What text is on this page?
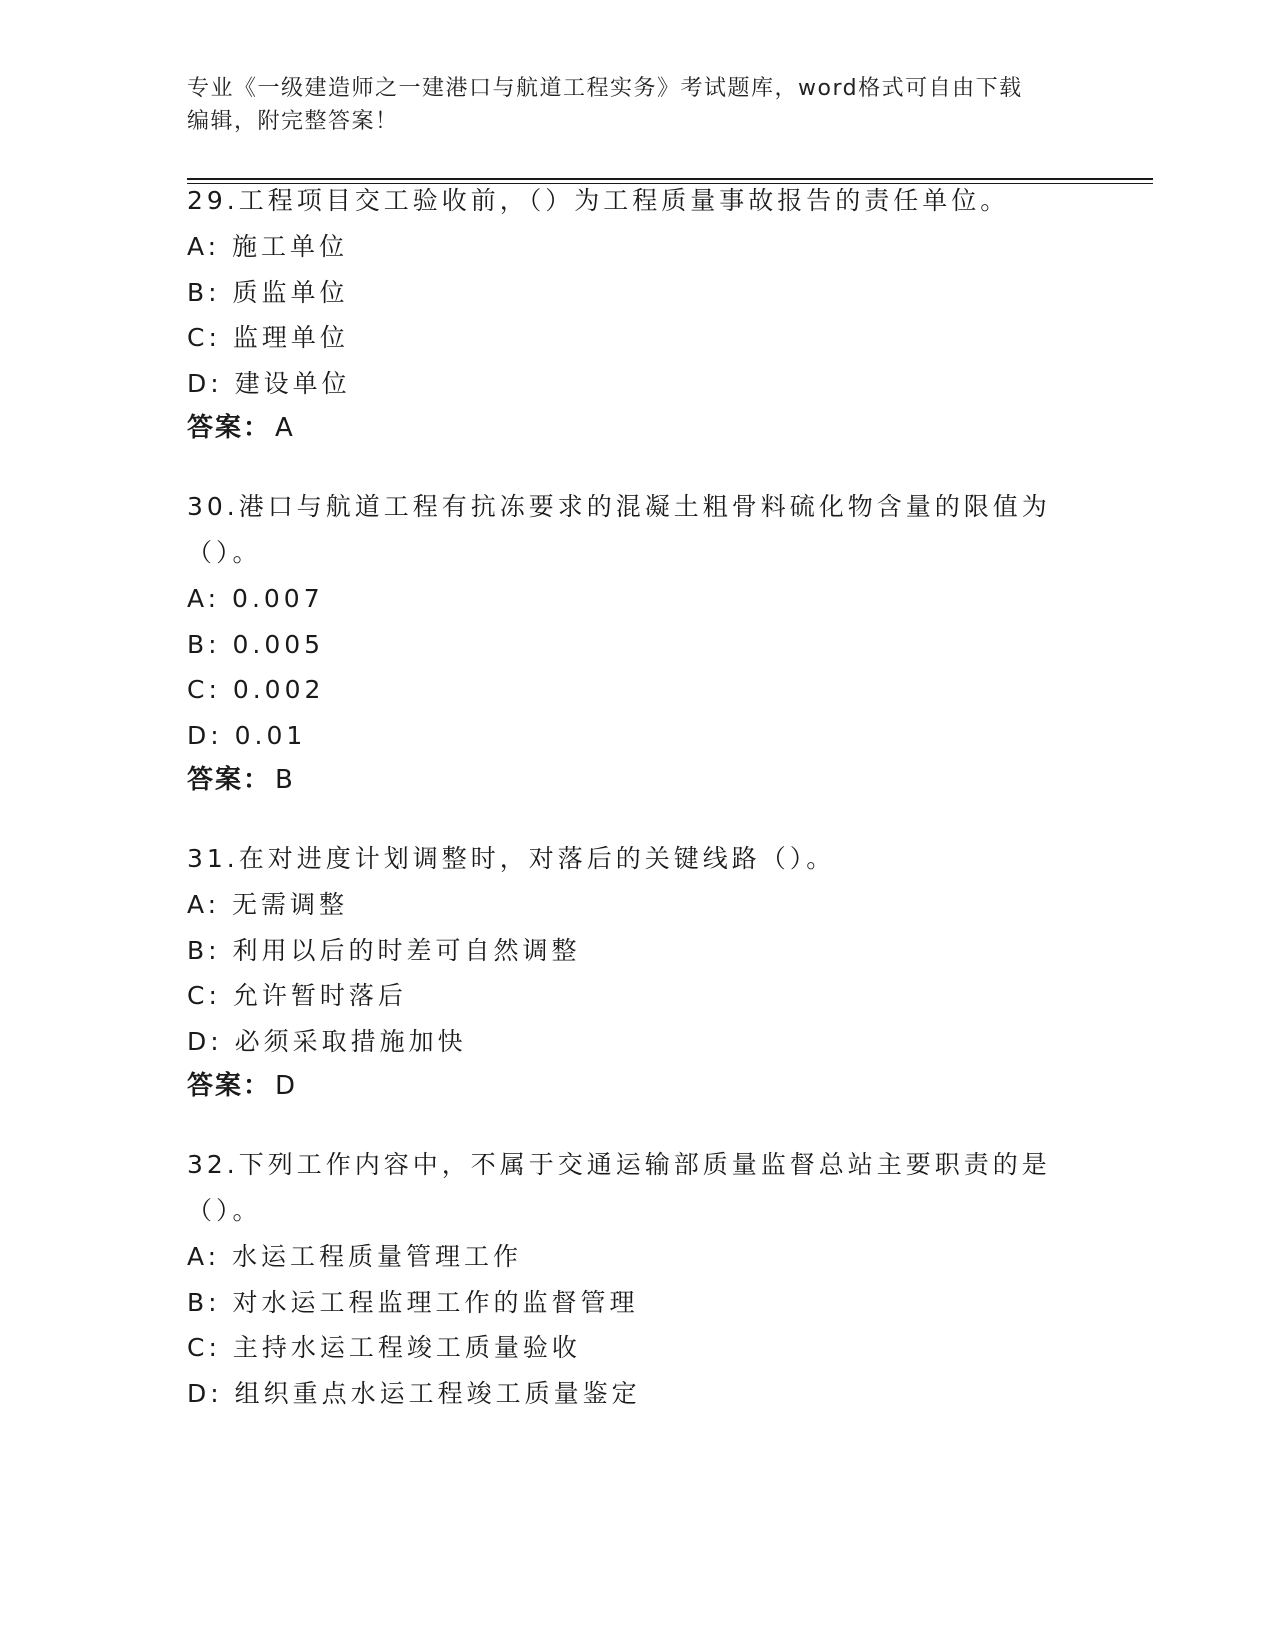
专业《一级建造师之一建港口与航道工程实务》考试题库，word格式可自由下载
编辑，附完整答案！

29.工程项目交工验收前，（）为工程质量事故报告的责任单位。

A: 施工单位

B: 质监单位

C: 监理单位

D: 建设单位

答案： A

30.港口与航道工程有抗冻要求的混凝土粗骨料硫化物含量的限值为（）。

A: 0.007

B: 0.005

C: 0.002

D: 0.01

答案： B

31.在对进度计划调整时，对落后的关键线路（）。

A: 无需调整

B: 利用以后的时差可自然调整

C: 允许暂时落后

D: 必须采取措施加快

答案： D

32.下列工作内容中，不属于交通运输部质量监督总站主要职责的是（）。

A: 水运工程质量管理工作

B: 对水运工程监理工作的监督管理

C: 主持水运工程竣工质量验收

D: 组织重点水运工程竣工质量鉴定
